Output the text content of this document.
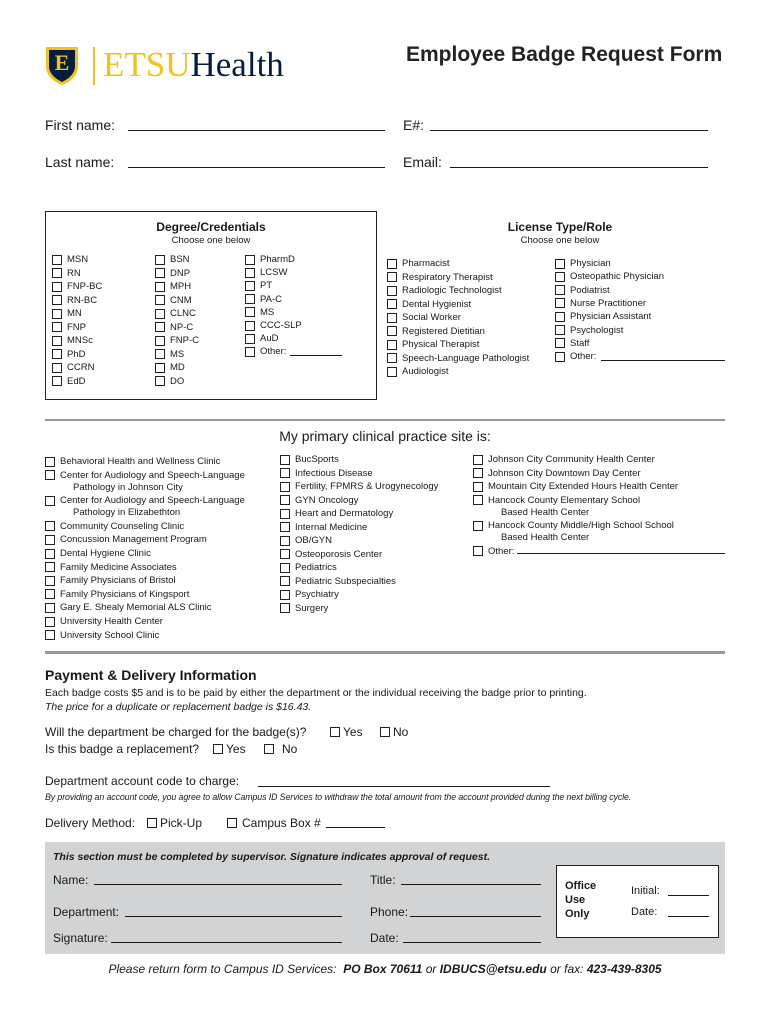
E ETSUHealth	Employee Badge Request Form
First name:	E#:
Last name:	Email:
Degree/Credentials
Choose one below
MSN
RN
FNP-BC
RN-BC
MN
FNP
MNSc
PhD
CCRN
EdD
BSN
DNP
MPH
CNM
CLNC
NP-C
FNP-C
MS
MD
DO
PharmD
LCSW
PT
PA-C
MS
CCC-SLP
AuD
Other:
License Type/Role
Choose one below
Pharmacist
Respiratory Therapist
Radiologic Technologist
Dental Hygienist
Social Worker
Registered Dietitian
Physical Therapist
Speech-Language Pathologist
Audiologist
Physician
Osteopathic Physician
Podiatrist
Nurse Practitioner
Physician Assistant
Psychologist
Staff
Other:
My primary clinical practice site is:
Behavioral Health and Wellness Clinic
Center for Audiology and Speech-Language
Pathology in Johnson City
Center for Audiology and Speech-Language
Pathology in Elizabethton
Community Counseling Clinic
Concussion Management Program
Dental Hygiene Clinic
Family Medicine Associates
Family Physicians of Bristol
Family Physicians of Kingsport
Gary E. Shealy Memorial ALS Clinic
University Health Center
University School Clinic
BucSports
Infectious Disease
Fertility, FPMRS & Urogynecology
GYN Oncology
Heart and Dermatology
Internal Medicine
OB/GYN
Osteoporosis Center
Pediatrics
Pediatric Subspecialties
Psychiatry
Surgery
Johnson City Community Health Center
Johnson City Downtown Day Center
Mountain City Extended Hours Health Center
Hancock County Elementary School
Based Health Center
Hancock County Middle/High School School
Based Health Center
Other:
Payment & Delivery Information
Each badge costs $5 and is to be paid by either the department or the individual receiving the badge prior to printing.
The price for a duplicate or replacement badge is $16.43.
Will the department be charged for the badge(s)?	Yes	No
Is this badge a replacement? Yes	No
Department account code to charge:
By providing an account code, you agree to allow Campus ID Services to withdraw the total amount from the account provided during the next billing cycle.
Delivery Method: Pick-Up	Campus Box #
This section must be completed by supervisor. Signature indicates approval of request.
Name:	Title:
Department:	Phone:
Signature:	Date:
Office
Use
Only
Initial:
Date:
Please return form to Campus ID Services: PO Box 70611 or IDBUCS@etsu.edu or fax: 423-439-8305
